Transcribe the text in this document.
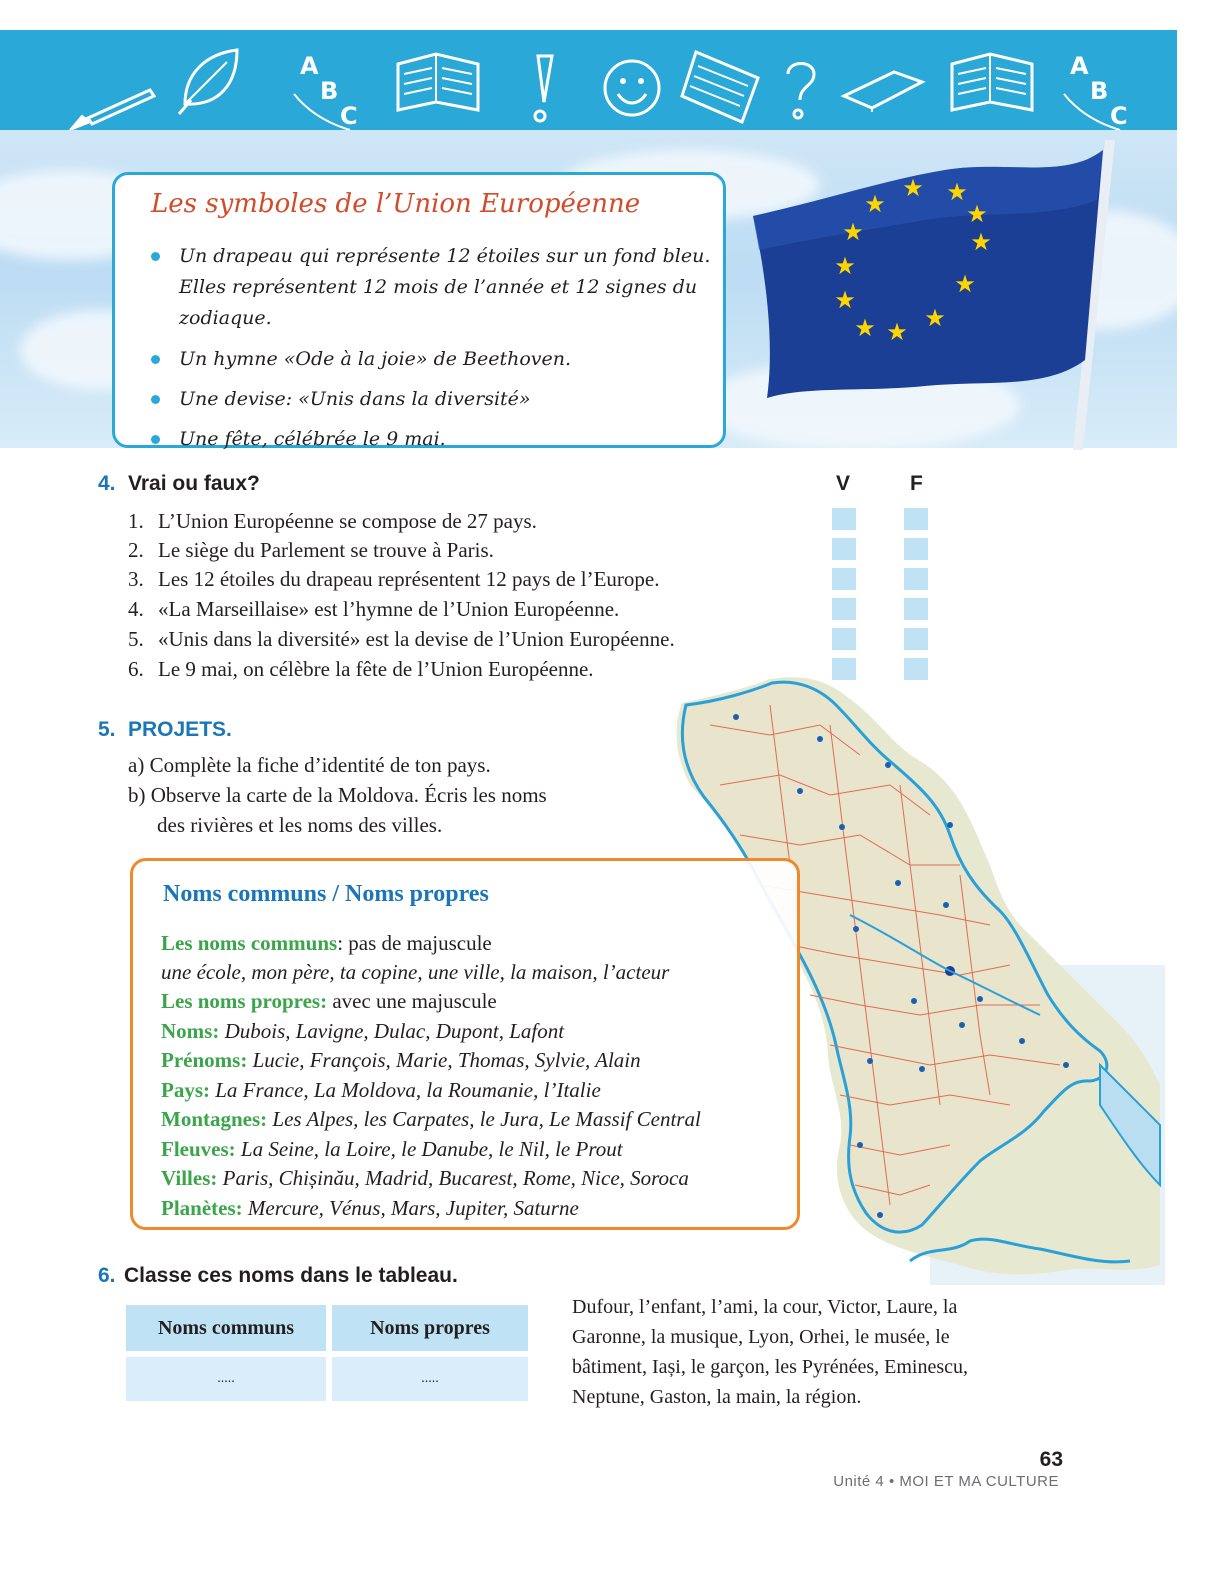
A
B
C
A
B
C
★
★ ★
★
★
★
★
★
★
★
★
★
Les symboles de l’Union Européenne
Un drapeau qui représente 12 étoiles sur un fond bleu. Elles représentent 12 mois de l’année et 12 signes du zodiaque.
Un hymne «Ode à la joie» de Beethoven.
Une devise: «Unis dans la diversité»
Une fête, célébrée le 9 mai.
4. Vrai ou faux?	V	F
1. L’Union Européenne se compose de 27 pays.
2. Le siège du Parlement se trouve à Paris.
3. Les 12 étoiles du drapeau représentent 12 pays de l’Europe.
4. «La Marseillaise» est l’hymne de l’Union Européenne.
5. «Unis dans la diversité» est la devise de l’Union Européenne.
6. Le 9 mai, on célèbre la fête de l’Union Européenne.
5. PROJETS.
a) Complète la fiche d’identité de ton pays.
b) Observe la carte de la Moldova. Écris les noms
des rivières et les noms des villes.
Noms communs / Noms propres
Les noms communs: pas de majuscule
une école, mon père, ta copine, une ville, la maison, l’acteur
Les noms propres: avec une majuscule
Noms: Dubois, Lavigne, Dulac, Dupont, Lafont
Prénoms: Lucie, François, Marie, Thomas, Sylvie, Alain
Pays: La France, La Moldova, la Roumanie, l’Italie
Montagnes: Les Alpes, les Carpates, le Jura, Le Massif Central
Fleuves: La Seine, la Loire, le Danube, le Nil, le Prout
Villes: Paris, Chișinău, Madrid, Bucarest, Rome, Nice, Soroca
Planètes: Mercure, Vénus, Mars, Jupiter, Saturne
6. Classe ces noms dans le tableau.
Noms communs	Noms propres
.....	.....
Dufour, l’enfant, l’ami, la cour, Victor, Laure, la Garonne, la musique, Lyon, Orhei, le musée, le bâtiment, Iași, le garçon, les Pyrénées, Eminescu, Neptune, Gaston, la main, la région.
63
Unité 4 • MOI ET MA CULTURE
